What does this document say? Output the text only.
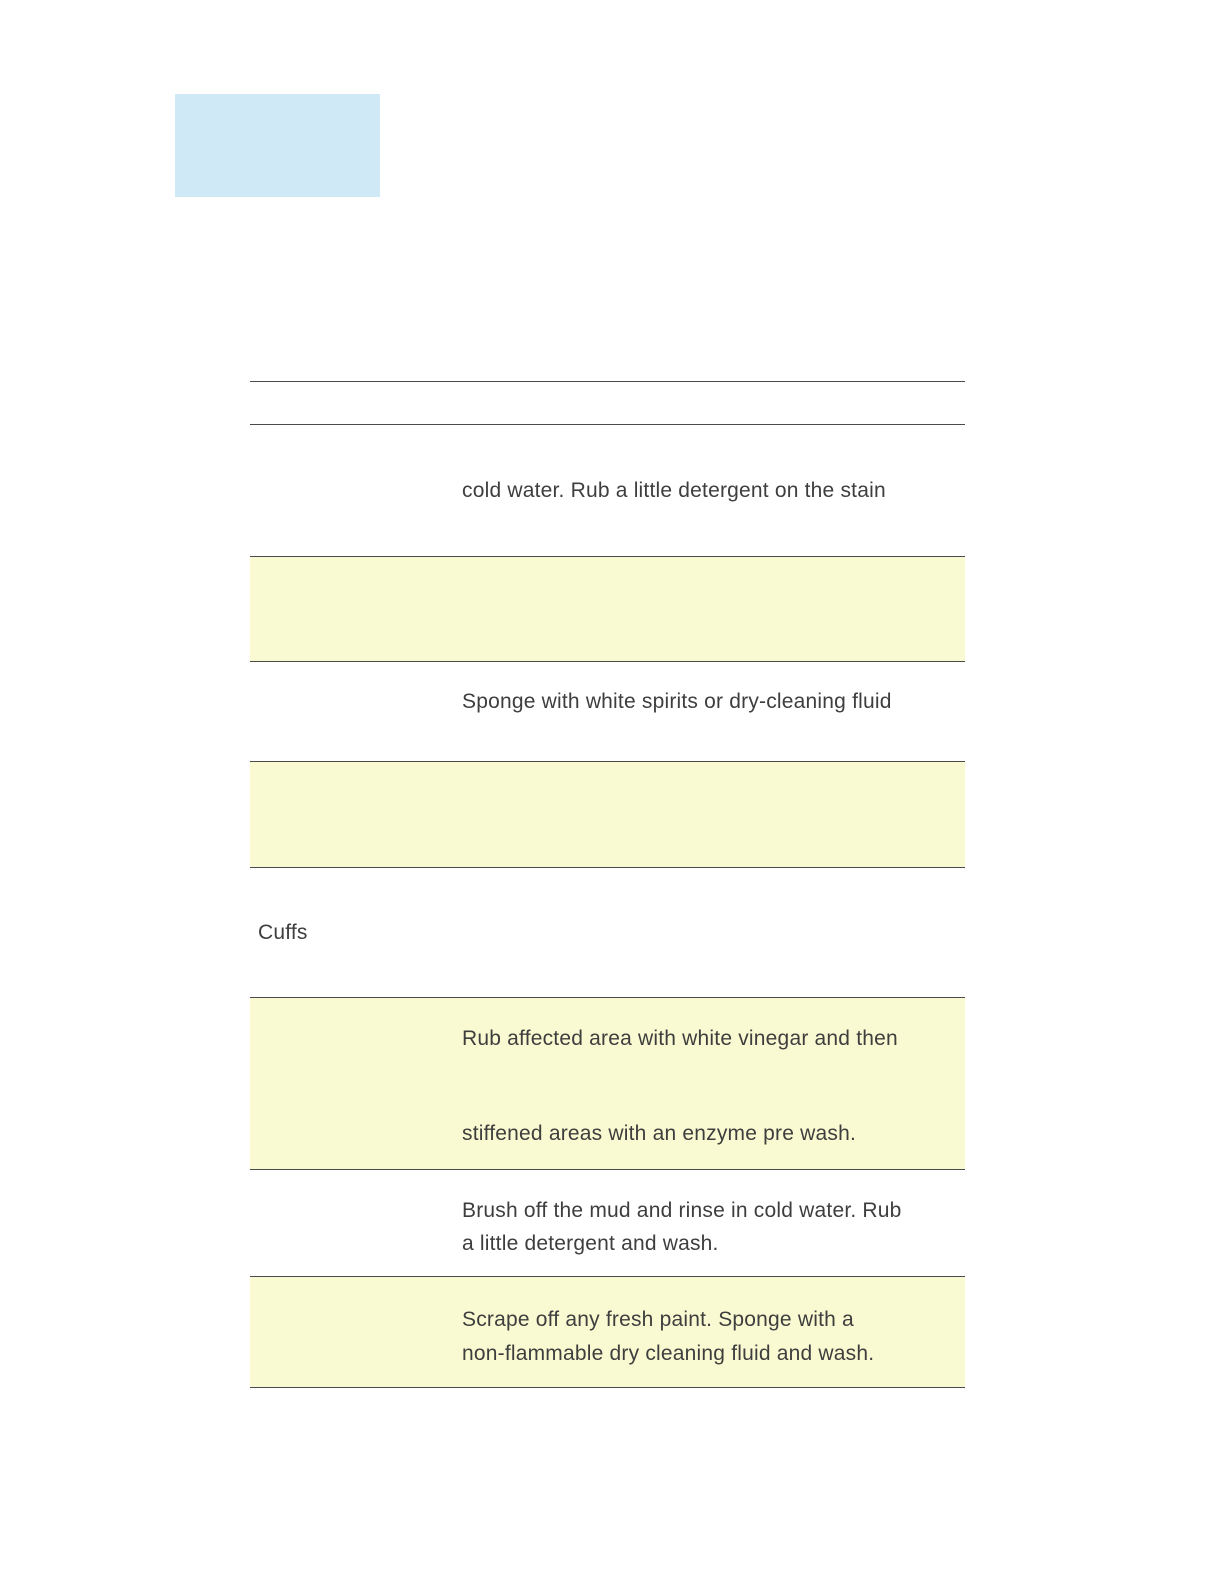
cold water. Rub a little detergent on the stain
Sponge with white spirits or dry-cleaning fluid
Cuffs
Rub affected area with white vinegar and then
stiffened areas with an enzyme pre wash.
Brush off the mud and rinse in cold water. Rub
a little detergent and wash.
Scrape off any fresh paint. Sponge with a
non-flammable dry cleaning fluid and wash.
